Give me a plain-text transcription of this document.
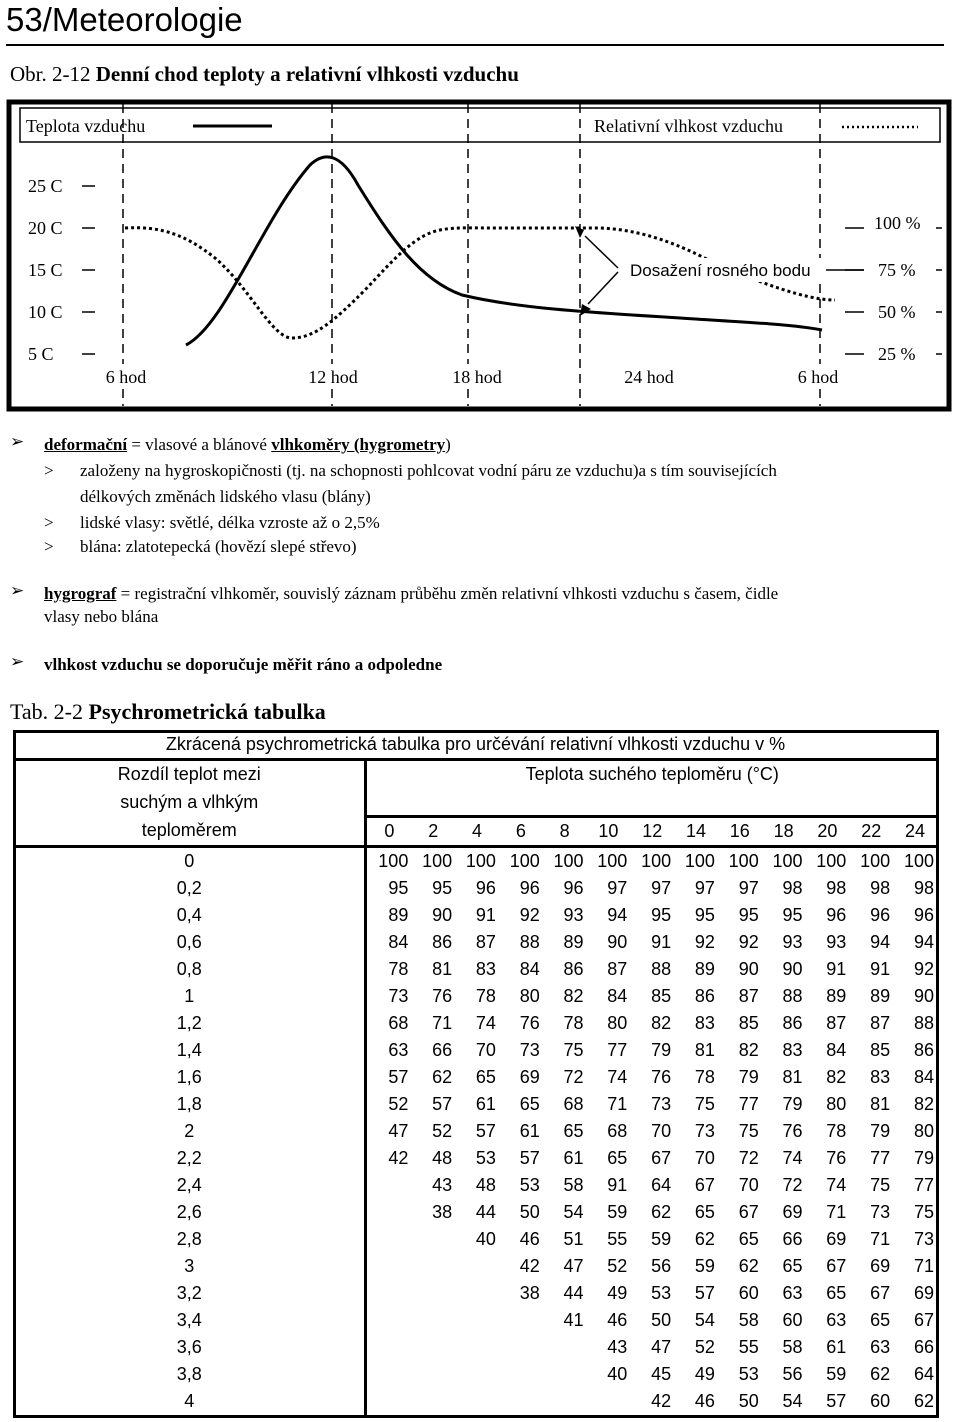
53/Meteorologie
Obr. 2-12 Denní chod teploty a relativní vlhkosti vzduchu
Teplota vzduchu	Relativní vlhkost vzduchu
25 C
20 C
15 C
10 C
5 C
100 %
75 %
50 %
25 %
6 hod	12 hod	18 hod	24 hod	6 hod
Dosažení rosného bodu
➢ deformační = vlasové a blánové vlhkoměry (hygrometry)
> založeny na hygroskopičnosti (tj. na schopnosti pohlcovat vodní páru ze vzduchu)a s tím souvisejících
délkových změnách lidského vlasu (blány)
> lidské vlasy: světlé, délka vzroste až o 2,5%
> blána: zlatotepecká (hovězí slepé střevo)
➢ hygrograf = registrační vlhkoměr, souvislý záznam průběhu změn relativní vlhkosti vzduchu s časem, čidle
vlasy nebo blána
➢ vlhkost vzduchu se doporučuje měřit ráno a odpoledne
Tab. 2-2 Psychrometrická tabulka
Zkrácená psychrometrická tabulka pro určévání relativní vlhkosti vzduchu v %													
Rozdíl teplot mezi	Teplota suchého teploměru (°C)												
suchým a vlhkým													
teploměrem	0	2	4	6	8	10	12	14	16	18	20	22	24
0	100	100	100	100	100	100	100	100	100	100	100	100	100
0,2	95	95	96	96	96	97	97	97	97	98	98	98	98
0,4	89	90	91	92	93	94	95	95	95	95	96	96	96
0,6	84	86	87	88	89	90	91	92	92	93	93	94	94
0,8	78	81	83	84	86	87	88	89	90	90	91	91	92
1	73	76	78	80	82	84	85	86	87	88	89	89	90
1,2	68	71	74	76	78	80	82	83	85	86	87	87	88
1,4	63	66	70	73	75	77	79	81	82	83	84	85	86
1,6	57	62	65	69	72	74	76	78	79	81	82	83	84
1,8	52	57	61	65	68	71	73	75	77	79	80	81	82
2	47	52	57	61	65	68	70	73	75	76	78	79	80
2,2	42	48	53	57	61	65	67	70	72	74	76	77	79
2,4		43	48	53	58	91	64	67	70	72	74	75	77
2,6		38	44	50	54	59	62	65	67	69	71	73	75
2,8			40	46	51	55	59	62	65	66	69	71	73
3				42	47	52	56	59	62	65	67	69	71
3,2				38	44	49	53	57	60	63	65	67	69
3,4					41	46	50	54	58	60	63	65	67
3,6						43	47	52	55	58	61	63	66
3,8						40	45	49	53	56	59	62	64
4							42	46	50	54	57	60	62
